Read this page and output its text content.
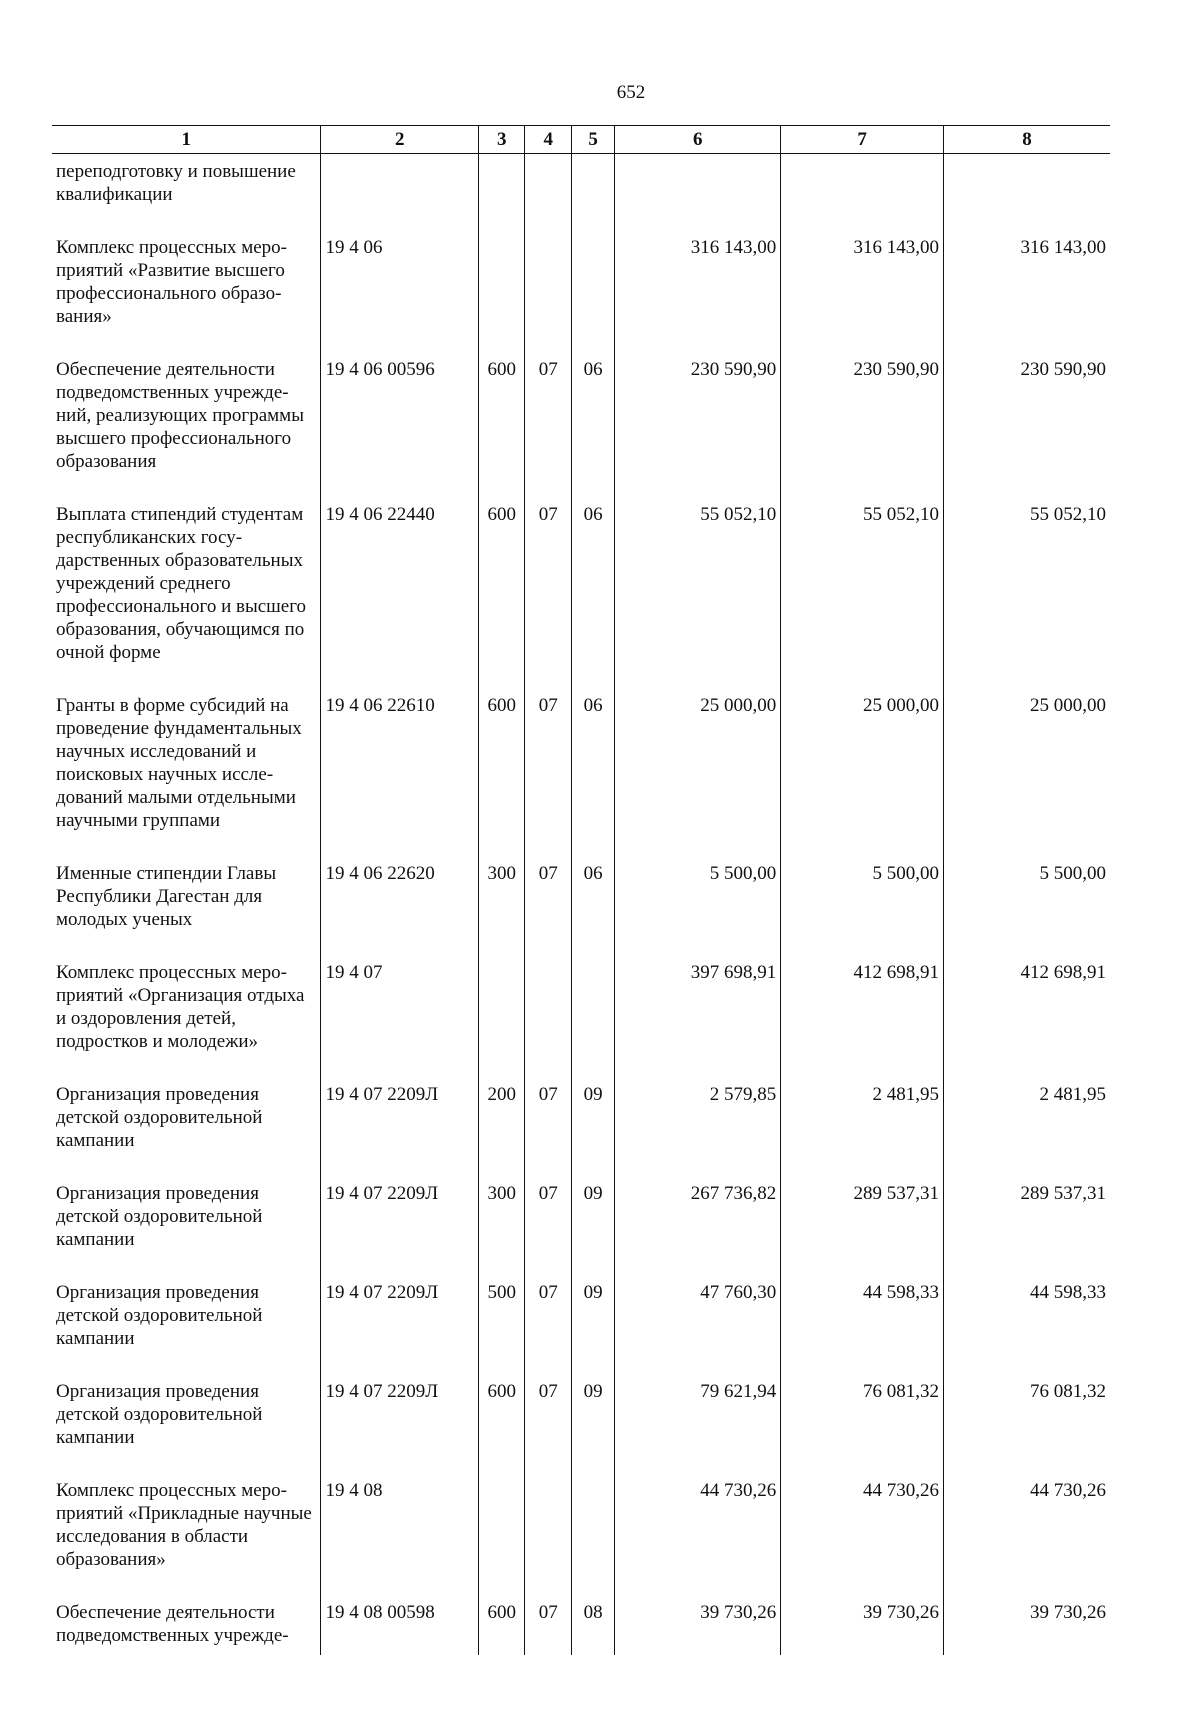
652
1	2	3	4	5	6	7	8
переподготовку и повышение квалификации							
Комплекс процессных мероприятий «Развитие высшего профессионального образования»	19 4 06				316 143,00	316 143,00	316 143,00
Обеспечение деятельности подведомственных учреждений, реализующих программы высшего профессионального образования	19 4 06 00596	600	07	06	230 590,90	230 590,90	230 590,90
Выплата стипендий студентам республиканских государственных образовательных учреждений среднего профессионального и высшего образования, обучающимся по очной форме	19 4 06 22440	600	07	06	55 052,10	55 052,10	55 052,10
Гранты в форме субсидий на проведение фундаментальных научных исследований и поисковых научных исследований малыми отдельными научными группами	19 4 06 22610	600	07	06	25 000,00	25 000,00	25 000,00
Именные стипендии Главы Республики Дагестан для молодых ученых	19 4 06 22620	300	07	06	5 500,00	5 500,00	5 500,00
Комплекс процессных мероприятий «Организация отдыха и оздоровления детей, подростков и молодежи»	19 4 07				397 698,91	412 698,91	412 698,91
Организация проведения детской оздоровительной кампании	19 4 07 2209Л	200	07	09	2 579,85	2 481,95	2 481,95
Организация проведения детской оздоровительной кампании	19 4 07 2209Л	300	07	09	267 736,82	289 537,31	289 537,31
Организация проведения детской оздоровительной кампании	19 4 07 2209Л	500	07	09	47 760,30	44 598,33	44 598,33
Организация проведения детской оздоровительной кампании	19 4 07 2209Л	600	07	09	79 621,94	76 081,32	76 081,32
Комплекс процессных мероприятий «Прикладные научные исследования в области образования»	19 4 08				44 730,26	44 730,26	44 730,26
Обеспечение деятельности подведомственных учрежде-	19 4 08 00598	600	07	08	39 730,26	39 730,26	39 730,26
